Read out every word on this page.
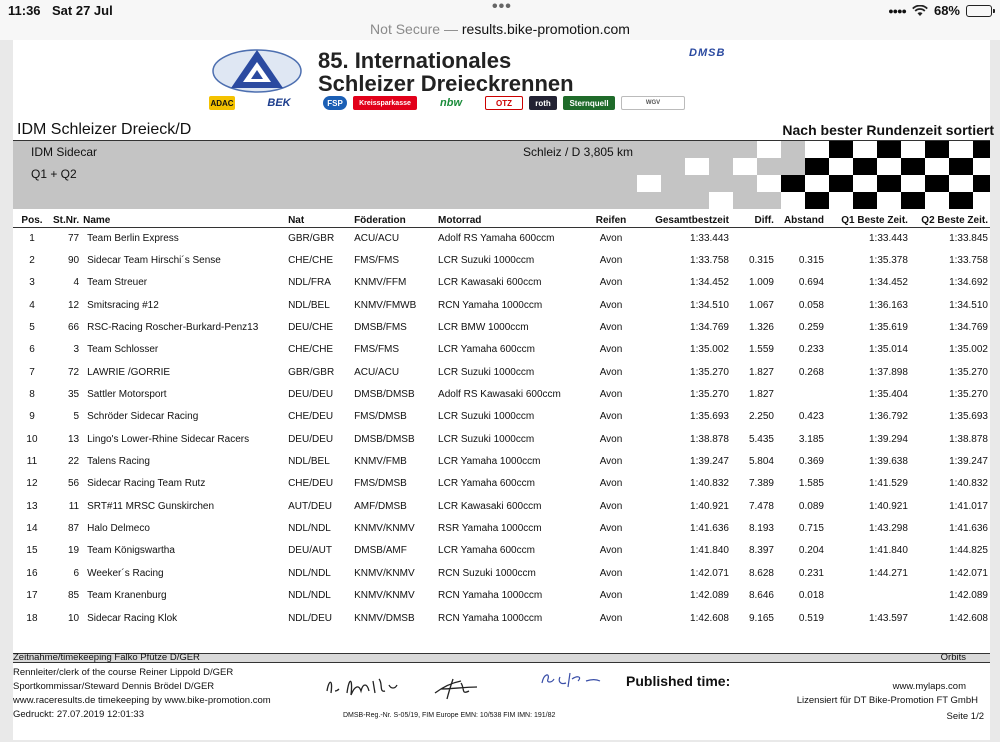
11:36 Sat 27 Jul	•••	●●●● 68%
Not Secure — results.bike-promotion.com
85. Internationales
Schleizer Dreieckrennen
DMSB
ADAC	BEK	FSP	Kreissparkasse	nbw	OTZ	roth	Sternquell	WGV
IDM Schleizer Dreieck/D	Nach bester Rundenzeit sortiert
IDM Sidecar
Q1 + Q2
Schleiz / D 3,805 km
Pos.	St.Nr.	Name	Nat	Föderation	Motorrad	Reifen	Gesamtbestzeit	Diff.	Abstand	Q1 Beste Zeit.	Q2 Beste Zeit.
1	77	Team Berlin Express	GBR/GBR	ACU/ACU	Adolf RS Yamaha 600ccm	Avon	1:33.443			1:33.443	1:33.845
2	90	Sidecar Team Hirschi´s Sense	CHE/CHE	FMS/FMS	LCR Suzuki 1000ccm	Avon	1:33.758	0.315	0.315	1:35.378	1:33.758
3	4	Team Streuer	NDL/FRA	KNMV/FFM	LCR Kawasaki 600ccm	Avon	1:34.452	1.009	0.694	1:34.452	1:34.692
4	12	Smitsracing #12	NDL/BEL	KNMV/FMWB	RCN Yamaha 1000ccm	Avon	1:34.510	1.067	0.058	1:36.163	1:34.510
5	66	RSC-Racing Roscher-Burkard-Penz13	DEU/CHE	DMSB/FMS	LCR BMW 1000ccm	Avon	1:34.769	1.326	0.259	1:35.619	1:34.769
6	3	Team Schlosser	CHE/CHE	FMS/FMS	LCR Yamaha 600ccm	Avon	1:35.002	1.559	0.233	1:35.014	1:35.002
7	72	LAWRIE /GORRIE	GBR/GBR	ACU/ACU	LCR Suzuki 1000ccm	Avon	1:35.270	1.827	0.268	1:37.898	1:35.270
8	35	Sattler Motorsport	DEU/DEU	DMSB/DMSB	Adolf RS Kawasaki 600ccm	Avon	1:35.270	1.827		1:35.404	1:35.270
9	5	Schröder Sidecar Racing	CHE/DEU	FMS/DMSB	LCR Suzuki 1000ccm	Avon	1:35.693	2.250	0.423	1:36.792	1:35.693
10	13	Lingo's Lower-Rhine Sidecar Racers	DEU/DEU	DMSB/DMSB	LCR Suzuki 1000ccm	Avon	1:38.878	5.435	3.185	1:39.294	1:38.878
11	22	Talens Racing	NDL/BEL	KNMV/FMB	LCR Yamaha 1000ccm	Avon	1:39.247	5.804	0.369	1:39.638	1:39.247
12	56	Sidecar Racing Team Rutz	CHE/DEU	FMS/DMSB	LCR Yamaha 600ccm	Avon	1:40.832	7.389	1.585	1:41.529	1:40.832
13	11	SRT#11 MRSC Gunskirchen	AUT/DEU	AMF/DMSB	LCR Kawasaki 600ccm	Avon	1:40.921	7.478	0.089	1:40.921	1:41.017
14	87	Halo Delmeco	NDL/NDL	KNMV/KNMV	RSR Yamaha 1000ccm	Avon	1:41.636	8.193	0.715	1:43.298	1:41.636
15	19	Team Königswartha	DEU/AUT	DMSB/AMF	LCR Yamaha 600ccm	Avon	1:41.840	8.397	0.204	1:41.840	1:44.825
16	6	Weeker´s Racing	NDL/NDL	KNMV/KNMV	RCN Suzuki 1000ccm	Avon	1:42.071	8.628	0.231	1:44.271	1:42.071
17	85	Team Kranenburg	NDL/NDL	KNMV/KNMV	RCN Yamaha 1000ccm	Avon	1:42.089	8.646	0.018		1:42.089
18	10	Sidecar Racing Klok	NDL/DEU	KNMV/DMSB	RCN Yamaha 1000ccm	Avon	1:42.608	9.165	0.519	1:43.597	1:42.608
Zeitnahme/timekeeping Falko Pfütze D/GER	Orbits
Rennleiter/clerk of the course Reiner Lippold D/GER
Sportkommissar/Steward Dennis Brödel D/GER
www.raceresults.de timekeeping by www.bike-promotion.com
Gedruckt: 27.07.2019 12:01:33	DMSB-Reg.-Nr. S-05/19, FIM Europe EMN: 10/538 FIM IMN: 191/82
Published time:	www.mylaps.com
Lizensiert für DT Bike-Promotion FT GmbH
Seite 1/2
